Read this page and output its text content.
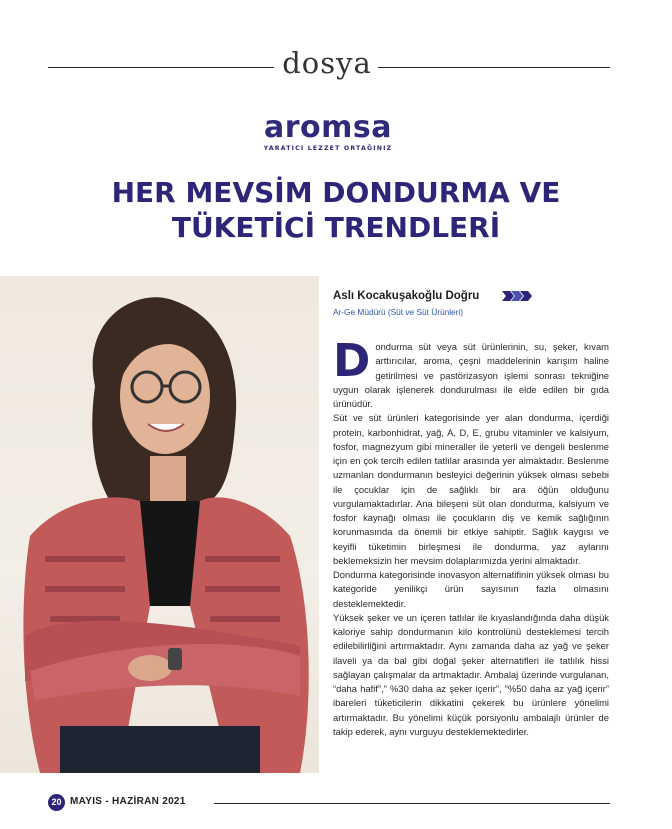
dosya
aromsa
YARATICI LEZZET ORTAĞINIZ
HER MEVSİM DONDURMA VE
TÜKETİCİ TRENDLERİ
Aslı Kocakuşakoğlu Doğru
Ar-Ge Müdürü (Süt ve Süt Ürünleri)

Dondurma süt veya süt ürünlerinin, su, şeker, kıvam arttırıcılar, aroma, çeşni maddelerinin karışım haline getirilmesi ve pastörizasyon işlemi sonrası tekniğine uygun olarak işlenerek dondurulması ile elde edilen bir gıda ürünüdür.

Süt ve süt ürünleri kategorisinde yer alan dondurma, içerdiği protein, karbonhidrat, yağ, A, D, E, grubu vitaminler ve kalsiyum, fosfor, magnezyum gibi mineraller ile yeterli ve dengeli beslenme için en çok tercih edilen tatlılar arasında yer almaktadır. Beslenme uzmanları dondurmanın besleyici değerinin yüksek olması sebebi ile çocuklar için de sağlıklı bir ara öğün olduğunu vurgulamaktadırlar. Ana bileşeni süt olan dondurma, kalsiyum ve fosfor kaynağı olması ile çocukların diş ve kemik sağlığının korunmasında da önemli bir etkiye sahiptir. Sağlık kaygısı ve keyifli tüketimin birleşmesi ile dondurma, yaz aylarını beklemeksizin her mevsim dolaplarımızda yerini almaktadır.

Dondurma kategorisinde inovasyon alternatifinin yüksek olması bu kategoride yenilikçi ürün sayısının fazla olmasını desteklemektedir.

Yüksek şeker ve un içeren tatlılar ile kıyaslandığında daha düşük kaloriye sahip dondurmanın kilo kontrolünü desteklemesi tercih edilebilirliğini artırmaktadır. Aynı zamanda daha az yağ ve şeker ilaveli ya da bal gibi doğal şeker alternatifleri ile tatlılık hissi sağlayan çalışmalar da artmaktadır. Ambalaj üzerinde vurgulanan, “daha hafif”,” %30 daha az şeker içerir”, “%50 daha az yağ içerir” ibareleri tüketicilerin dikkatini çekerek bu ürünlere yönelimi artırmaktadır. Bu yönelimi küçük porsiyonlu ambalajlı ürünler de takip ederek, aynı vurguyu desteklemektedirler.

20 MAYIS - HAZİRAN 2021
